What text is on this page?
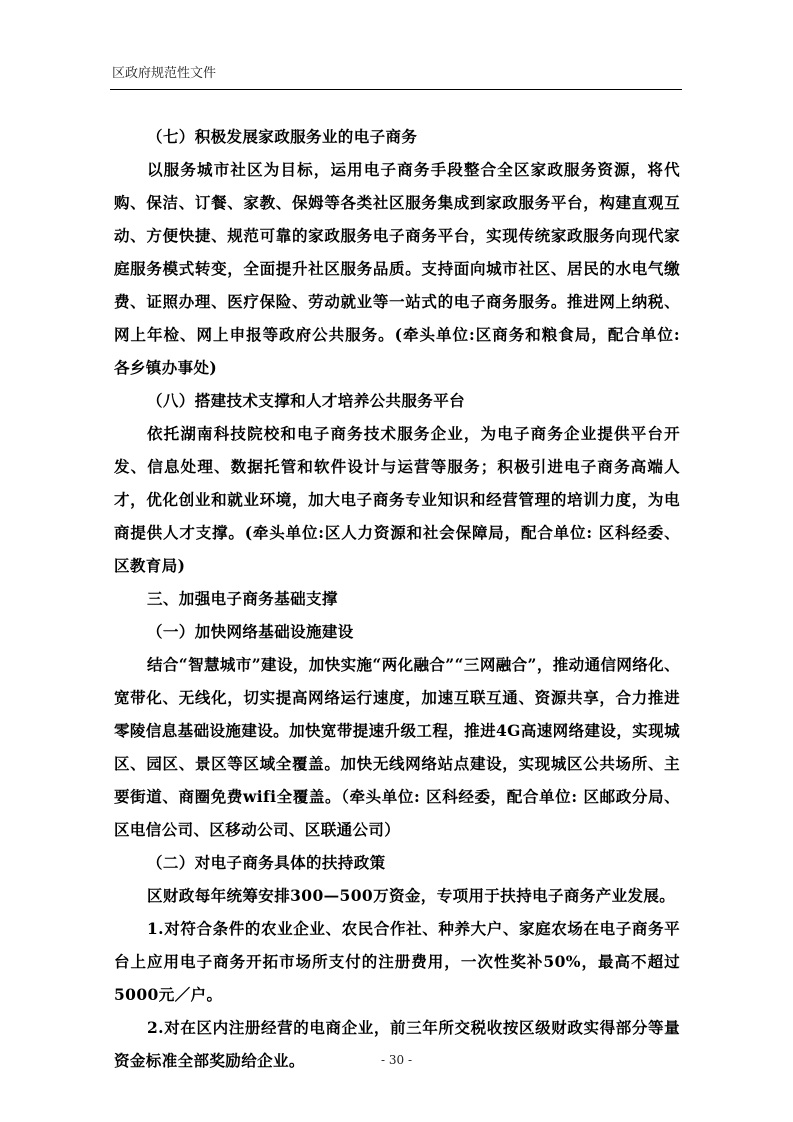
区政府规范性文件

（七）积极发展家政服务业的电子商务

以服务城市社区为目标，运用电子商务手段整合全区家政服务资源，将代购、保洁、订餐、家教、保姆等各类社区服务集成到家政服务平台，构建直观互动、方便快捷、规范可靠的家政服务电子商务平台，实现传统家政服务向现代家庭服务模式转变，全面提升社区服务品质。支持面向城市社区、居民的水电气缴费、证照办理、医疗保险、劳动就业等一站式的电子商务服务。推进网上纳税、网上年检、网上申报等政府公共服务。(牵头单位:区商务和粮食局，配合单位: 各乡镇办事处)

（八）搭建技术支撑和人才培养公共服务平台

依托湖南科技院校和电子商务技术服务企业，为电子商务企业提供平台开发、信息处理、数据托管和软件设计与运营等服务；积极引进电子商务高端人才，优化创业和就业环境，加大电子商务专业知识和经营管理的培训力度，为电商提供人才支撑。(牵头单位:区人力资源和社会保障局，配合单位: 区科经委、区教育局)

三、加强电子商务基础支撑

（一）加快网络基础设施建设

结合“智慧城市”建设，加快实施“两化融合”“三网融合”，推动通信网络化、宽带化、无线化，切实提高网络运行速度，加速互联互通、资源共享，合力推进零陵信息基础设施建设。加快宽带提速升级工程，推进4G高速网络建设，实现城区、园区、景区等区域全覆盖。加快无线网络站点建设，实现城区公共场所、主要街道、商圈免费wifi全覆盖。（牵头单位: 区科经委，配合单位: 区邮政分局、区电信公司、区移动公司、区联通公司）

（二）对电子商务具体的扶持政策

区财政每年统筹安排300—500万资金，专项用于扶持电子商务产业发展。

1.对符合条件的农业企业、农民合作社、种养大户、家庭农场在电子商务平台上应用电子商务开拓市场所支付的注册费用，一次性奖补50%，最高不超过5000元／户。

2.对在区内注册经营的电商企业，前三年所交税收按区级财政实得部分等量资金标准全部奖励给企业。	- 30 -
